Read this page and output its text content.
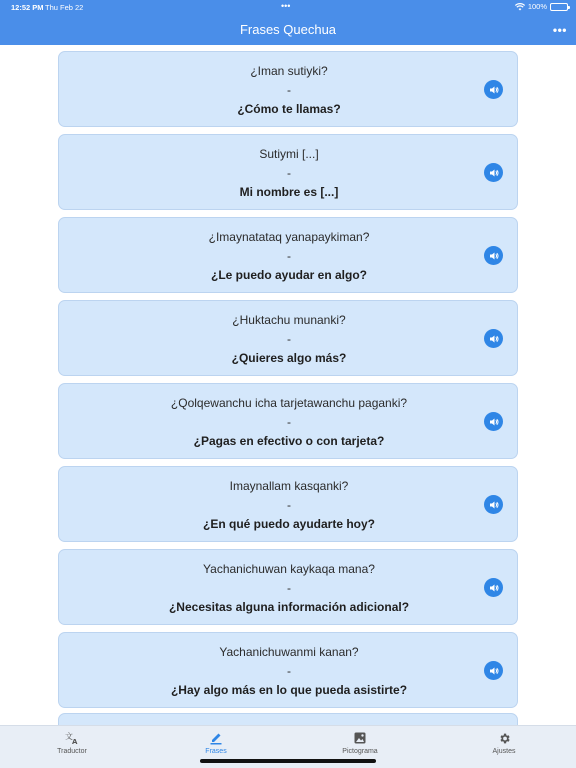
12:52 PM Thu Feb 22	•••	100%
Frases Quechua	•••
¿Iman sutiyki?
-
¿Cómo te llamas?
Sutiymi [...]
-
Mi nombre es [...]
¿Imaynatataq yanapaykiman?
-
¿Le puedo ayudar en algo?
¿Huktachu munanki?
-
¿Quieres algo más?
¿Qolqewanchu icha tarjetawanchu paganki?
-
¿Pagas en efectivo o con tarjeta?
Imaynallam kasqanki?
-
¿En qué puedo ayudarte hoy?
Yachanichuwan kaykaqa mana?
-
¿Necesitas alguna información adicional?
Yachanichuwanmi kanan?
-
¿Hay algo más en lo que pueda asistirte?
文
A
Traductor	Frases	Pictograma	Ajustes
